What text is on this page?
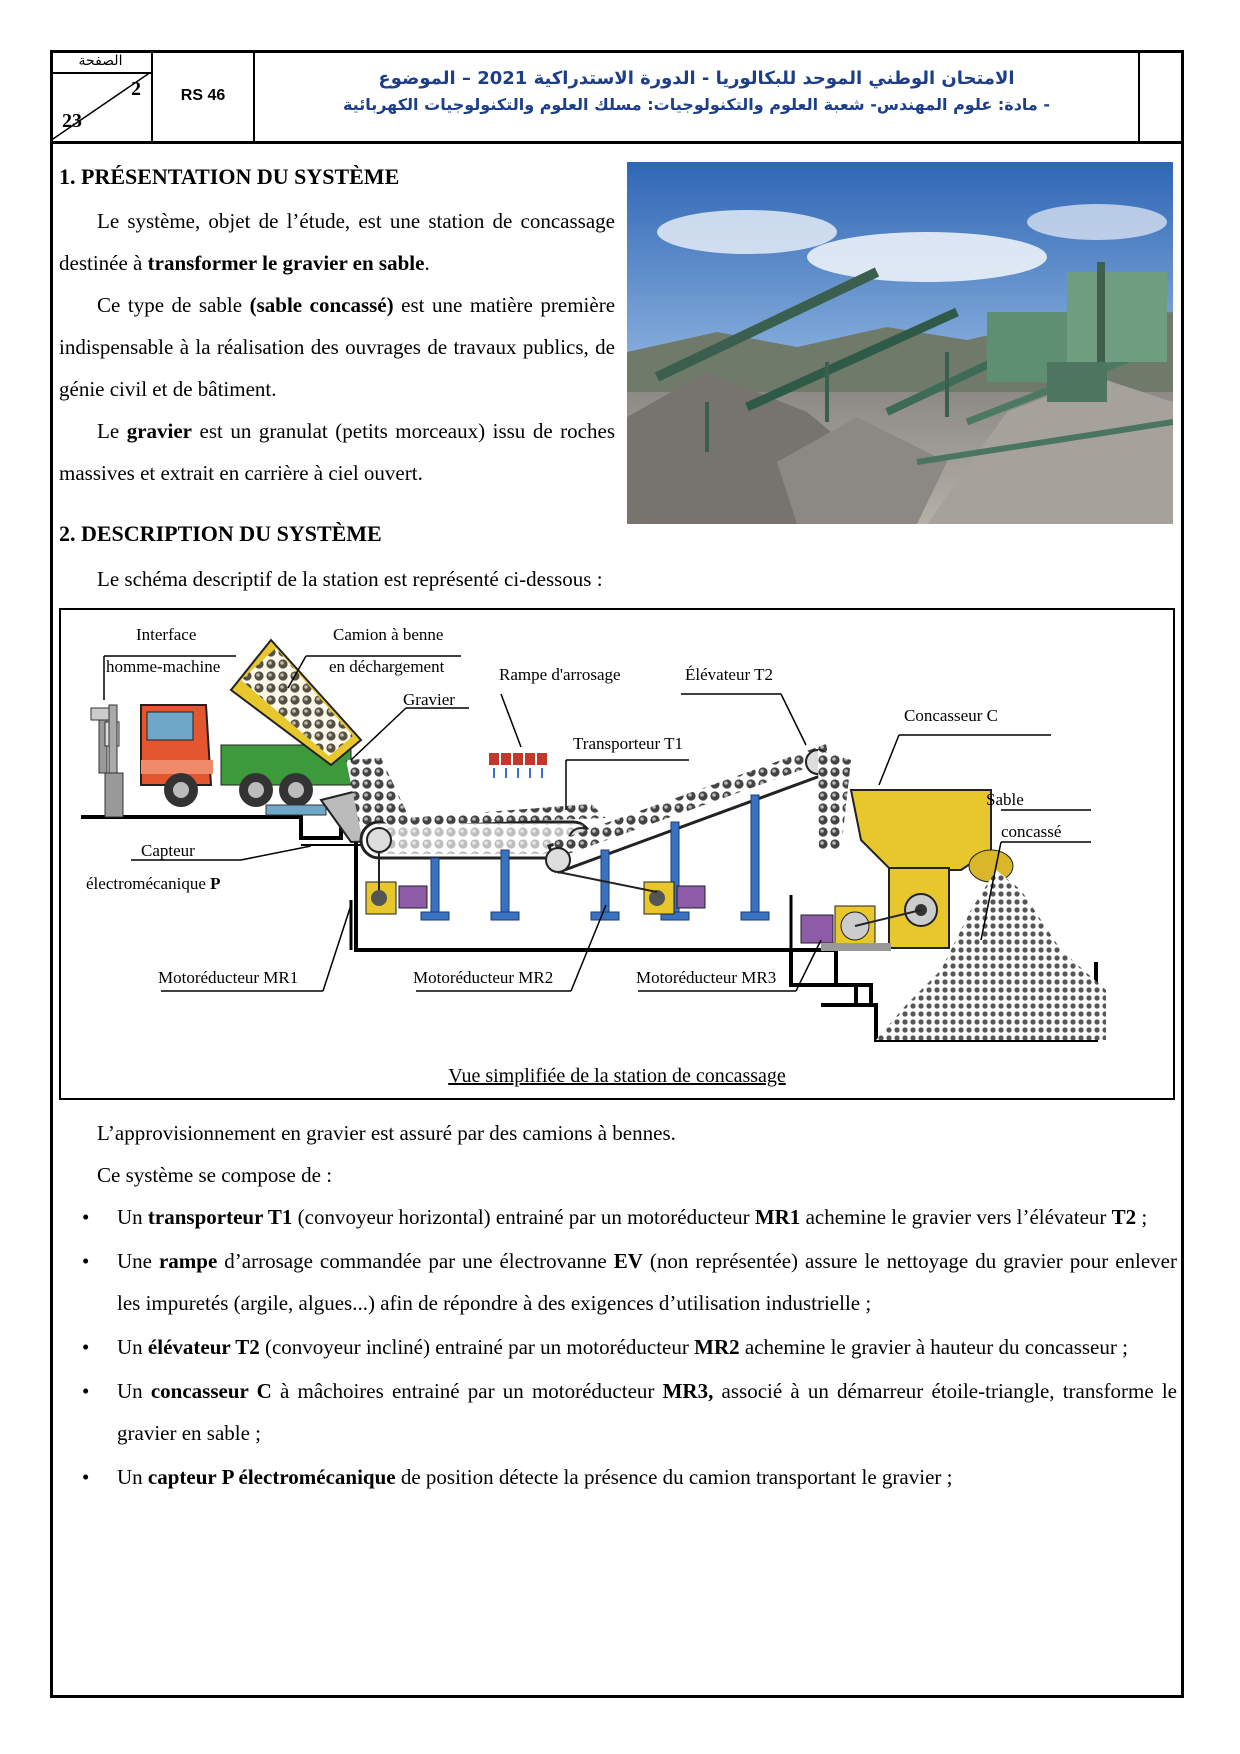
الصفحة
2
23
RS 46
الامتحان الوطني الموحد للبكالوريا - الدورة الاستدراكية 2021 – الموضوع
- مادة: علوم المهندس- شعبة العلوم والتكنولوجيات: مسلك العلوم والتكنولوجيات الكهربائية
1. PRÉSENTATION DU SYSTÈME
Le système, objet de l’étude, est une station de concassage destinée à transformer le gravier en sable.
Ce type de sable (sable concassé) est une matière première indispensable à la réalisation des ouvrages de travaux publics, de génie civil et de bâtiment.
Le gravier est un granulat (petits morceaux) issu de roches massives et extrait en carrière à ciel ouvert.
2. DESCRIPTION DU SYSTÈME
Le schéma descriptif de la station est représenté ci-dessous :
Interface
homme-machine
Camion à benne
en déchargement
Gravier
Rampe d'arrosage	Élévateur T2
Concasseur C
Transporteur T1
Sable
concassé
Capteur
électromécanique P
Motoréducteur MR1	Motoréducteur MR2	Motoréducteur MR3
Vue simplifiée de la station de concassage
L’approvisionnement en gravier est assuré par des camions à bennes.
Ce système se compose de :
• Un transporteur T1 (convoyeur horizontal) entrainé par un motoréducteur MR1 achemine le gravier vers l’élévateur T2 ;
• Une rampe d’arrosage commandée par une électrovanne EV (non représentée) assure le nettoyage du gravier pour enlever les impuretés (argile, algues...) afin de répondre à des exigences d’utilisation industrielle ;
• Un élévateur T2 (convoyeur incliné) entrainé par un motoréducteur MR2 achemine le gravier à hauteur du concasseur ;
• Un concasseur C à mâchoires entrainé par un motoréducteur MR3, associé à un démarreur étoile-triangle, transforme le gravier en sable ;
• Un capteur P électromécanique de position détecte la présence du camion transportant le gravier ;
